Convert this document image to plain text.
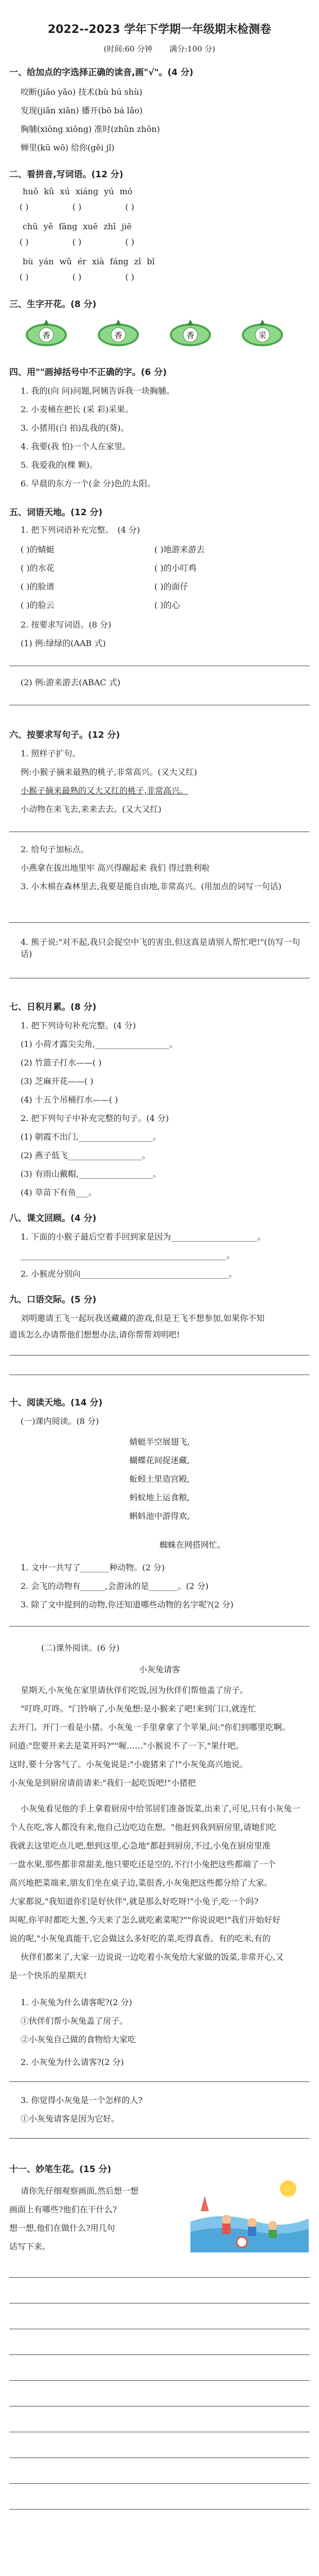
2022--2023 学年下学期一年级期末检测卷
(时间:60 分钟 满分:100 分)
一、给加点的字选择正确的读音,画"√"。(4 分)
咬断(jiǎo yǎo) 技术(bù bú shù)
发现(jiǎn xiǎn) 播开(bō bá lǎo)
胸脯(xiōng xiǒng) 准时(zhǔn zhǒn)
蝉里(kū wō) 给你(gěi jǐ)
二、看拼音,写词语。(12 分)
huǒ kǔ xú xiáng yú mó
( )	( )	( )
chū yě fāng xuē zhī jiē
( )	( )	( )
bù yán wǔ ér xià fáng zǐ bǐ
( )	( )	( )
三、生字开花。(8 分)
香	香	香	采
四、用""画掉括号中不正确的字。(6 分)
1. 我的(向 问)问题,阿姨告诉我一块胸脯。
2. 小麦桶在把长 (采 彩)采果。
3. 小猪用(白 拍)乱我的(葵)。
4. 我要(我 怕)一个人在家里。
5. 我爱我的(棵 颗)。
6. 早晨的东方一个(金 分)色的太阳。
五、词语天地。(12 分)
1. 把下列词语补充完整。 (4 分)
( )的蜻蜓	( )地游来游去
( )的水花	( )的小叮鸡
( )的脸谱	( )的面仔
( )的脸云	( )的心
2. 按要求写词语。(8 分)
(1) 例:绿绿的(AAB 式)
(2) 例:游来游去(ABAC 式)
六、按要求写句子。(12 分)
1. 照样子扩句。
例:小猴子摘来最熟的桃子,非常高兴。(又大又红)
小猴子摘来最熟的又大又红的桃子,非常高兴。
小动物在来飞去,来来去去。(又大又红)
2. 给句子加标点。
小燕拿在拔出地里牢 高兴得蹦起来 我们 得过胜利啦
3. 小木棉在森林里去,我要是能自由地,非常高兴。(用加点的词写一句话)
4. 熊子说:"对不起,我只会捉空中飞的害虫,但这真是请别人帮忙吧!"(仿写一句话)
七、日积月累。(8 分)
1. 把下列诗句补充完整。(4 分)
(1) 小荷才露尖尖角,__________________。
(2) 竹篮子打水——( )
(3) 芝麻开花——( )
(4) 十五个吊桶打水——( )
2. 把下列句子中补充完整的句子。(4 分)
(1) 朝霞不出门,__________________。
(2) 燕子低飞__________________。
(3) 有雨山戴帽,__________________。
(4) 草苗下有鱼___。
八、课文回顾。(4 分)
1. 下面的小猴子最后空着手回到家是因为_____________________。
__________________________________________________。
2. 小猴虎分别向____________________________________。
九、口语交际。(5 分)
刘明邀请王飞一起玩我送藏藏的游戏,但是王飞不想参加,如果你不知
道该怎么办请帮他们想想办法,请你帮帮刘明吧!
十、阅读天地。(14 分)
(一)课内阅读。(8 分)
蜻蜓半空展翅飞,
蝴蝶花间捉迷藏,
蚯蚓土里造宫殿,
蚂蚁地上运食粮,
蝌蚪池中游得欢,
蜘蛛在网搭网忙。
1. 文中一共写了_______种动物。(2 分)
2. 会飞的动物有______,会游泳的是_______。(2 分)
3. 除了文中提到的动物,你还知道哪些动物的名字呢?(2 分)
(二)课外阅读。(6 分)
小灰兔请客
星期天,小灰兔在家里请伙伴们吃饭,因为伙伴们帮他盖了房子。
"叮咚,叮咚。"门铃响了,小灰兔想:是小猴来了吧!来到门口,就连忙
去开门。开门一看是小猪。小灰兔一手里拿拿了个苹果,问:"你们到哪里吃啊。
问道:"您要开来去是菜开吗?""喔……"小猴说不了一下,"果什吧。
这时,要十分客气了。小灰兔说是:"小鹿猪来了!"小灰兔高兴地说。
小灰兔是到厨房请前请来:"我们一起吃饭吧!"小猪把
小灰兔看见他的手上拿着厨房中给邻居们准备饭菜,出来了,可见,只有小灰兔一
个人在吃,客人都没有来,他自己边吃边在想。"他赶到我到厨房里,请她们吃
我就去这里吃点儿吧,想到这里,心急地"都赶到厨房,不过,小兔在厨房里准
一盘水果,那些都非常甜美,他只要吃还是空的,不行!小兔把这些都端了一个
高兴地把菜端来,朋友们坐在桌子边,菜很香,小灰兔把这些都分给了大家。
大家都说,"我知道你们是好伙伴",就是那么好吃呀!"小兔子,吃一个吗?
叫呢,你平时都吃大葱,今天来了怎么就吃素菜呢?""你说说吧!"我们开始好好
说的呢,"小灰兔真能干,它会做这么多好吃的菜,吃得真香。有的吃米,有的
伙伴们都来了,大家一边说说一边吃着小灰兔给大家做的饭菜,非常开心,又
是一个快乐的星期天!
1. 小灰兔为什么请客呢?(2 分)
①伙伴们帮小灰兔盖了房子。
②小灰兔自己做的食物给大家吃
2. 小灰兔为什么请客?(2 分)
3. 你觉得小灰兔是一个怎样的人?
①小灰兔请客是因为它好。
十一、妙笔生花。(15 分)
请你先仔细观察画面,然后想一想
画面上有哪些?他们在干什么?
想一想,他们在做什么?用几句
话写下来。
